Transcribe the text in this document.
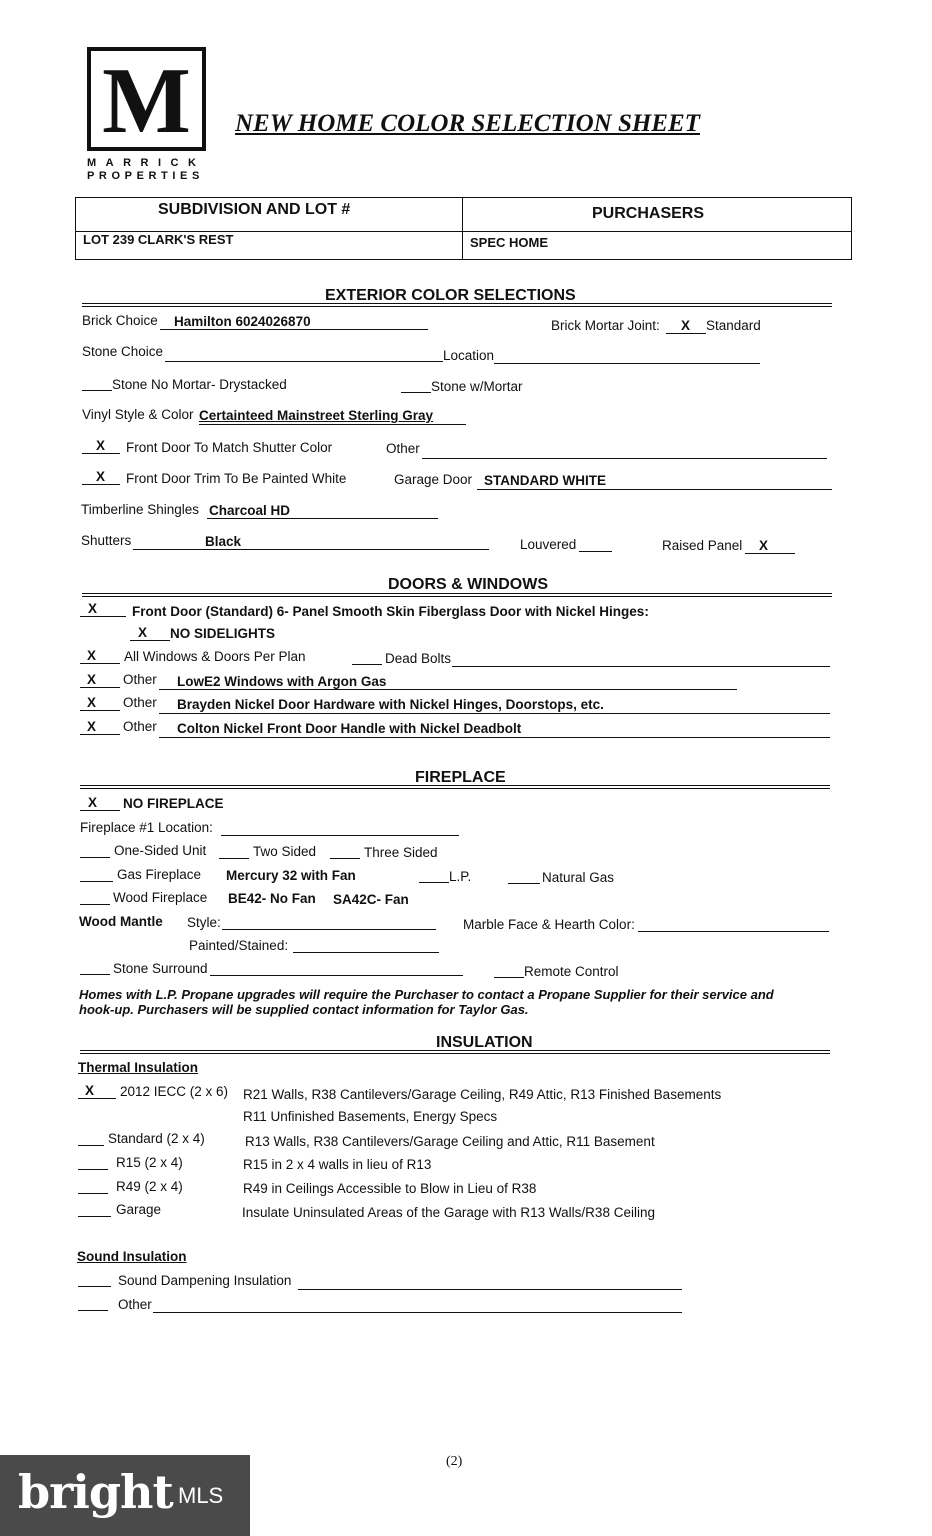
M
MARRICK
PROPERTIES
NEW HOME COLOR SELECTION SHEET
SUBDIVISION AND LOT #	PURCHASERS
LOT 239 CLARK'S REST	SPEC HOME
EXTERIOR COLOR SELECTIONS
Brick Choice Hamilton 6024026870	Brick Mortar Joint: X Standard
Stone Choice	Location
Stone No Mortar- Drystacked	Stone w/Mortar
Vinyl Style & Color Certainteed Mainstreet Sterling Gray
X Front Door To Match Shutter Color	Other
X Front Door Trim To Be Painted White	Garage Door STANDARD WHITE
Timberline Shingles Charcoal HD
Shutters	Black	Louvered	Raised Panel X
DOORS & WINDOWS
X	Front Door (Standard) 6- Panel Smooth Skin Fiberglass Door with Nickel Hinges:
X NO SIDELIGHTS
X All Windows & Doors Per Plan	Dead Bolts
X Other LowE2 Windows with Argon Gas
X Other Brayden Nickel Door Hardware with Nickel Hinges, Doorstops, etc.
X Other Colton Nickel Front Door Handle with Nickel Deadbolt
FIREPLACE
X NO FIREPLACE
Fireplace #1 Location:
One-Sided Unit	Two Sided	Three Sided
Gas Fireplace Mercury 32 with Fan	L.P.	Natural Gas
Wood Fireplace BE42- No Fan SA42C- Fan
Wood Mantle Style:	Marble Face & Hearth Color:
Painted/Stained:
Stone Surround	Remote Control
Homes with L.P. Propane upgrades will require the Purchaser to contact a Propane Supplier for their service and
hook-up. Purchasers will be supplied contact information for Taylor Gas.
INSULATION
Thermal Insulation
X 2012 IECC (2 x 6) R21 Walls, R38 Cantilevers/Garage Ceiling, R49 Attic, R13 Finished Basements
R11 Unfinished Basements, Energy Specs
Standard (2 x 4)	R13 Walls, R38 Cantilevers/Garage Ceiling and Attic, R11 Basement
R15 (2 x 4)	R15 in 2 x 4 walls in lieu of R13
R49 (2 x 4)	R49 in Ceilings Accessible to Blow in Lieu of R38
Garage	Insulate Uninsulated Areas of the Garage with R13 Walls/R38 Ceiling
Sound Insulation
Sound Dampening Insulation
Other
(2)
bright MLS
